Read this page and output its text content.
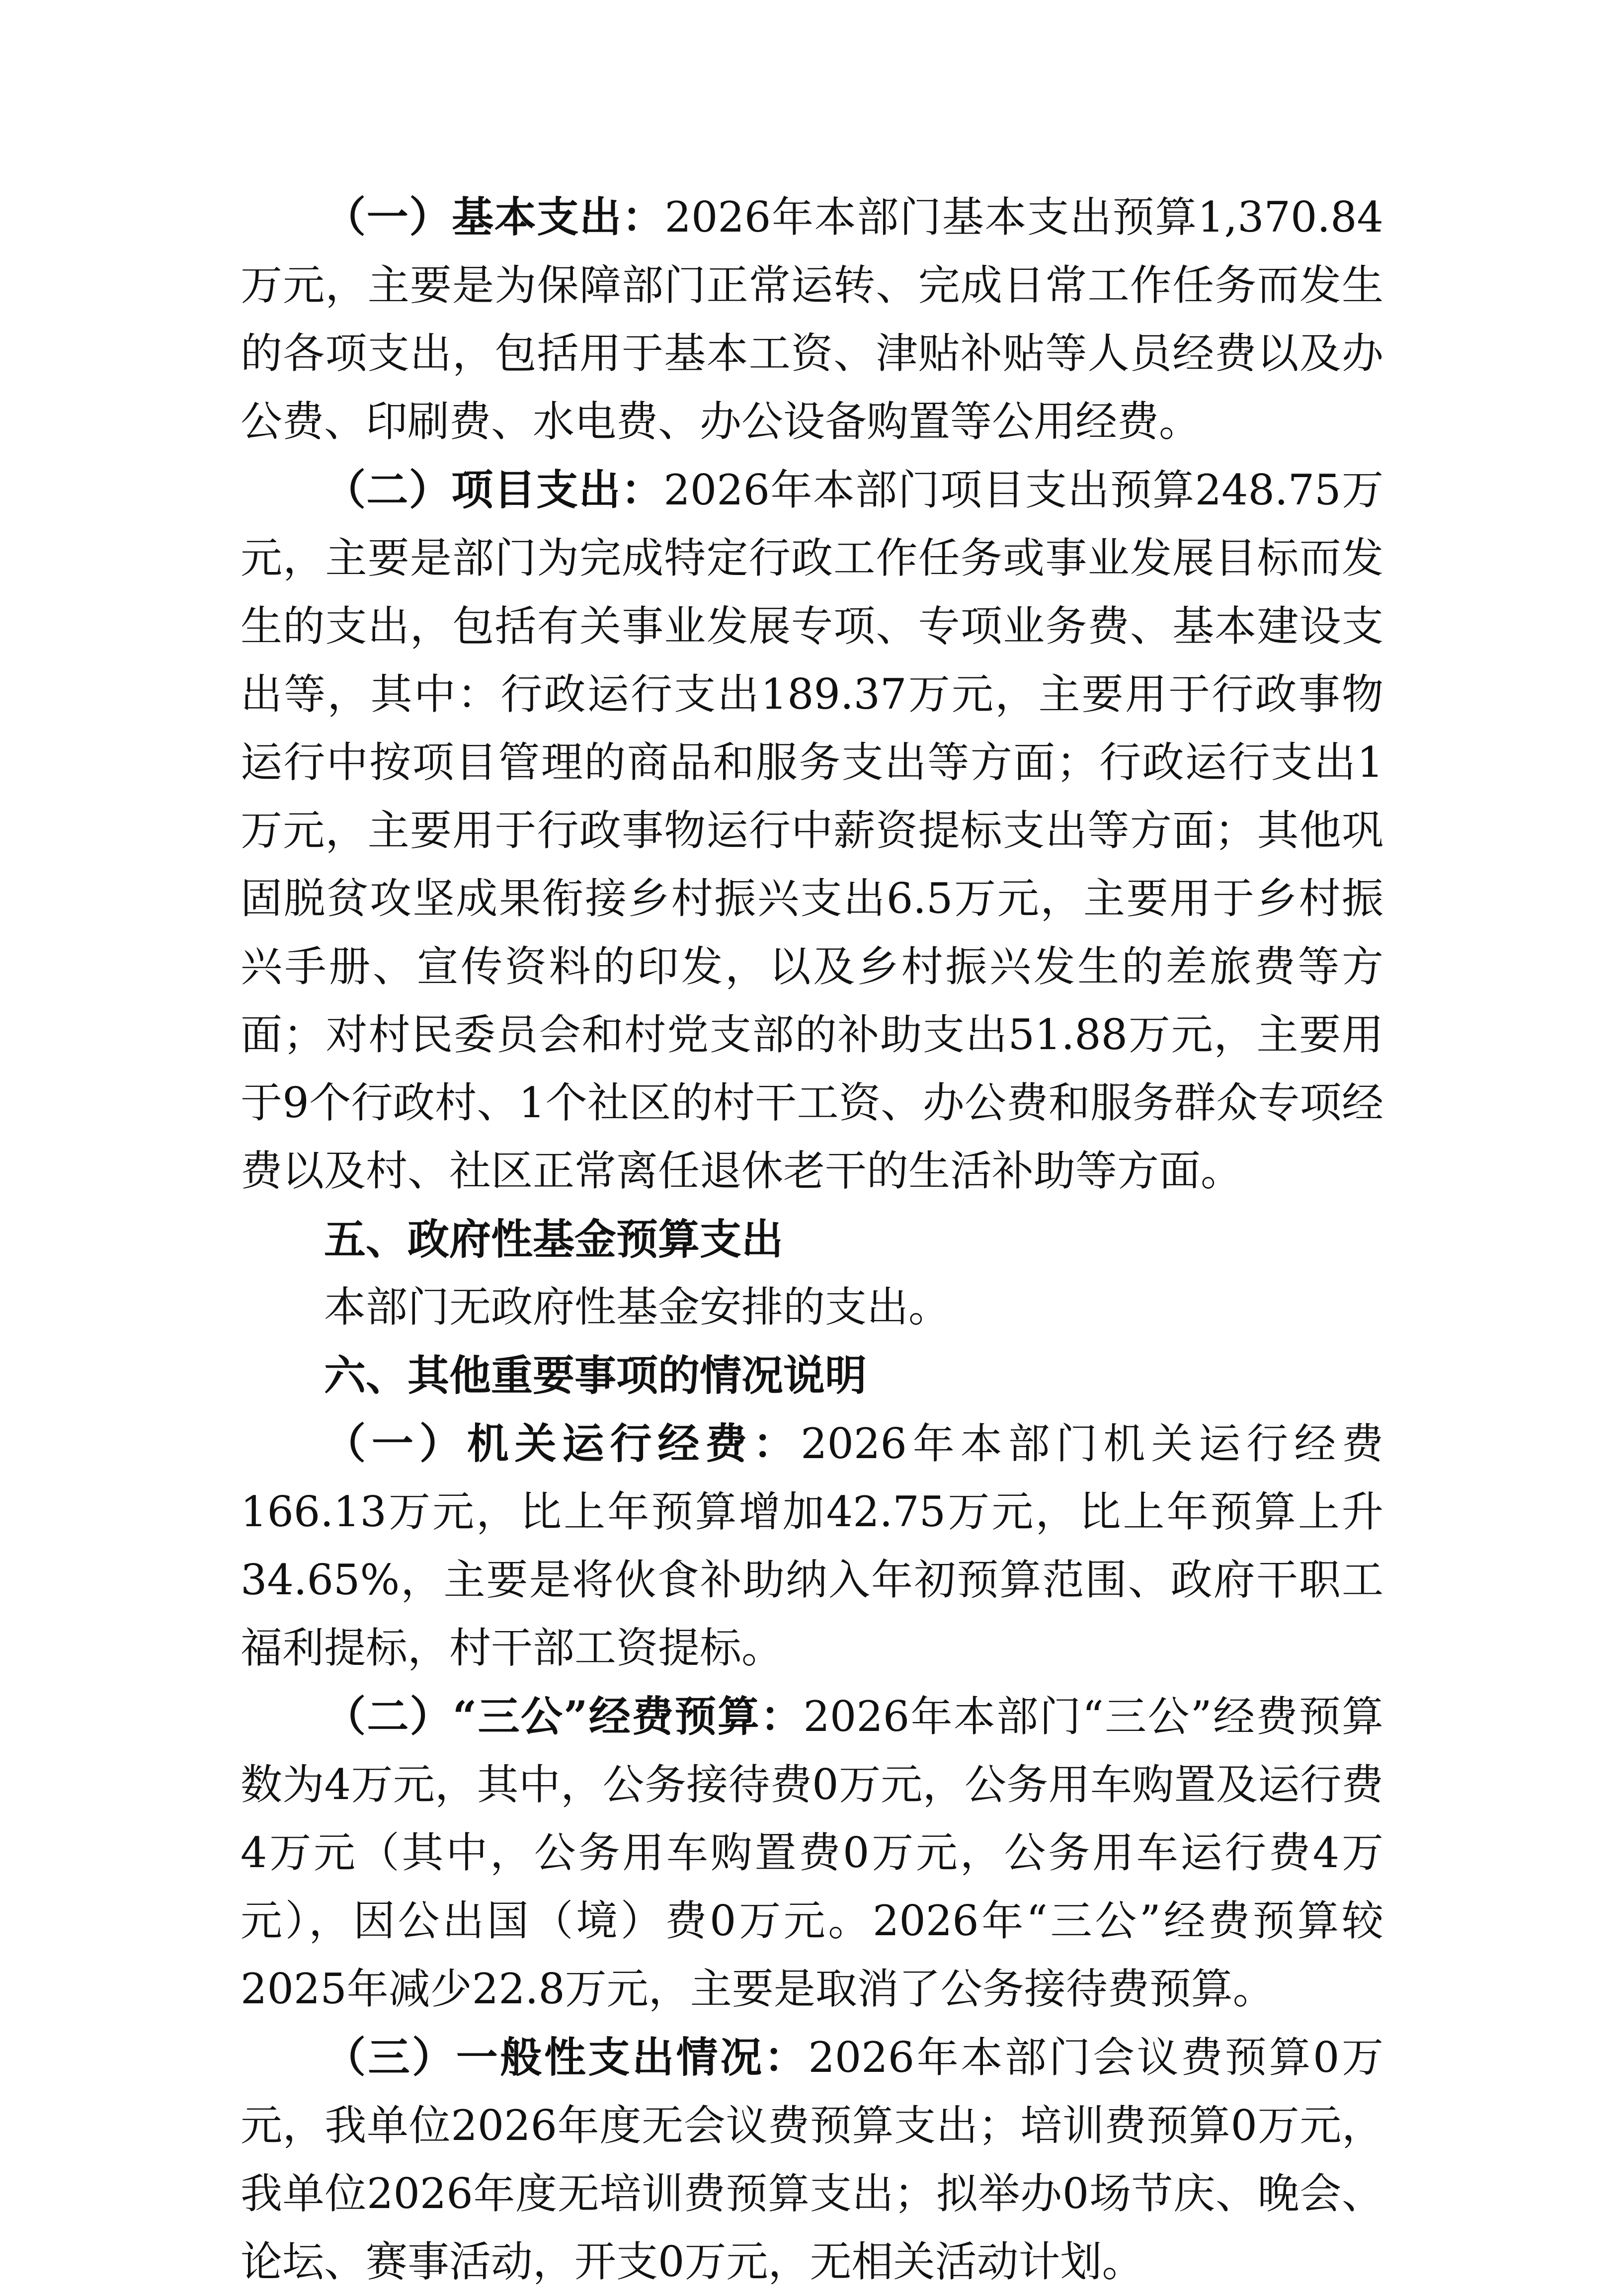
（一）基本支出：2026年本部门基本支出预算1,370.84万元，主要是为保障部门正常运转、完成日常工作任务而发生的各项支出，包括用于基本工资、津贴补贴等人员经费以及办公费、印刷费、水电费、办公设备购置等公用经费。

（二）项目支出：2026年本部门项目支出预算248.75万元，主要是部门为完成特定行政工作任务或事业发展目标而发生的支出，包括有关事业发展专项、专项业务费、基本建设支出等，其中：行政运行支出189.37万元，主要用于行政事物运行中按项目管理的商品和服务支出等方面；行政运行支出1万元，主要用于行政事物运行中薪资提标支出等方面；其他巩固脱贫攻坚成果衔接乡村振兴支出6.5万元，主要用于乡村振兴手册、宣传资料的印发，以及乡村振兴发生的差旅费等方面；对村民委员会和村党支部的补助支出51.88万元，主要用于9个行政村、1个社区的村干工资、办公费和服务群众专项经费以及村、社区正常离任退休老干的生活补助等方面。

五、政府性基金预算支出

本部门无政府性基金安排的支出。

六、其他重要事项的情况说明

（一）机关运行经费：2026年本部门机关运行经费166.13万元，比上年预算增加42.75万元，比上年预算上升34.65%，主要是将伙食补助纳入年初预算范围、政府干职工福利提标，村干部工资提标。

（二）“三公”经费预算：2026年本部门“三公”经费预算数为4万元，其中，公务接待费0万元，公务用车购置及运行费4万元（其中，公务用车购置费0万元，公务用车运行费4万元），因公出国（境）费0万元。2026年“三公”经费预算较2025年减少22.8万元，主要是取消了公务接待费预算。

（三）一般性支出情况：2026年本部门会议费预算0万元，我单位2026年度无会议费预算支出；培训费预算0万元，我单位2026年度无培训费预算支出；拟举办0场节庆、晚会、论坛、赛事活动，开支0万元，无相关活动计划。
